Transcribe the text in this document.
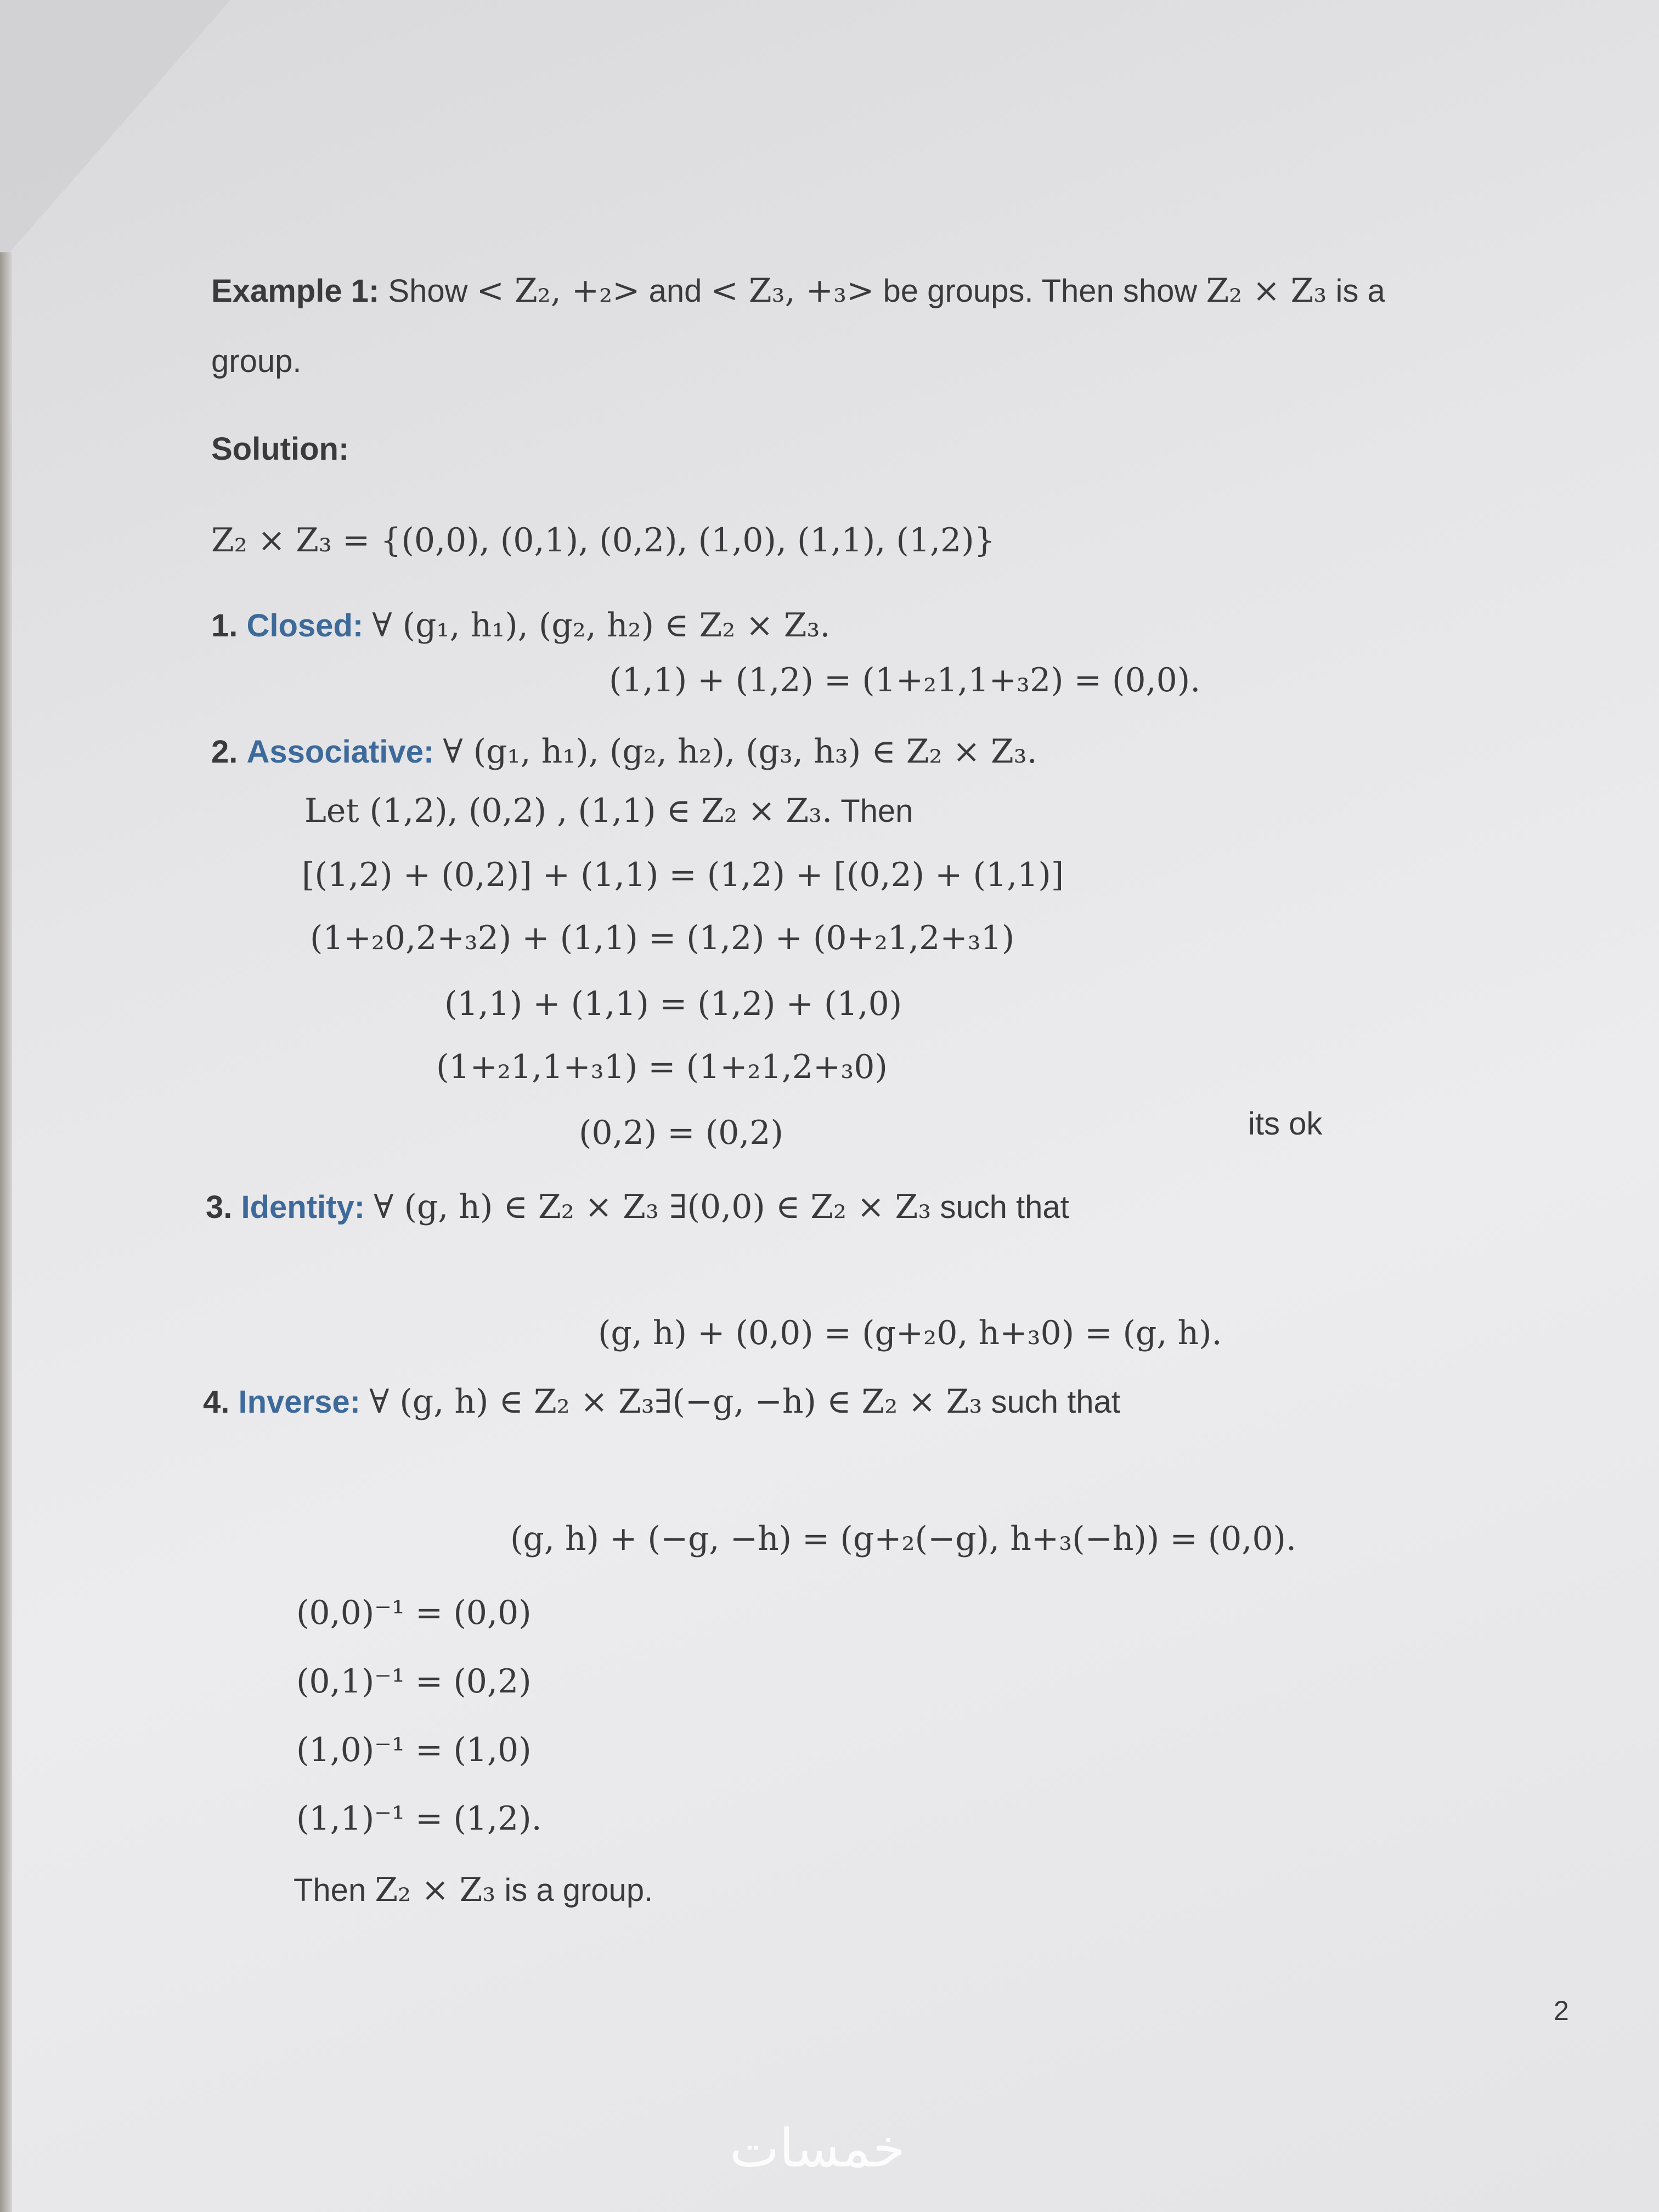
Example 1: Show < Z₂, +₂> and < Z₃, +₃> be groups. Then show Z₂ × Z₃ is a
group.
Solution:
Z₂ × Z₃ = {(0,0), (0,1), (0,2), (1,0), (1,1), (1,2)}
1. Closed: ∀ (g₁, h₁), (g₂, h₂) ∈ Z₂ × Z₃.
(1,1) + (1,2) = (1+₂1,1+₃2) = (0,0).
2. Associative: ∀ (g₁, h₁), (g₂, h₂), (g₃, h₃) ∈ Z₂ × Z₃.
Let (1,2), (0,2) , (1,1) ∈ Z₂ × Z₃. Then
[(1,2) + (0,2)] + (1,1) = (1,2) + [(0,2) + (1,1)]
(1+₂0,2+₃2) + (1,1) = (1,2) + (0+₂1,2+₃1)
(1,1) + (1,1) = (1,2) + (1,0)
(1+₂1,1+₃1) = (1+₂1,2+₃0)
(0,2) = (0,2)	its ok
3. Identity: ∀ (g, h) ∈ Z₂ × Z₃ ∃(0,0) ∈ Z₂ × Z₃ such that
(g, h) + (0,0) = (g+₂0, h+₃0) = (g, h).
4. Inverse: ∀ (g, h) ∈ Z₂ × Z₃∃(−g, −h) ∈ Z₂ × Z₃ such that
(g, h) + (−g, −h) = (g+₂(−g), h+₃(−h)) = (0,0).
(0,0)⁻¹ = (0,0)
(0,1)⁻¹ = (0,2)
(1,0)⁻¹ = (1,0)
(1,1)⁻¹ = (1,2).
Then Z₂ × Z₃ is a group.
2
خمسات
